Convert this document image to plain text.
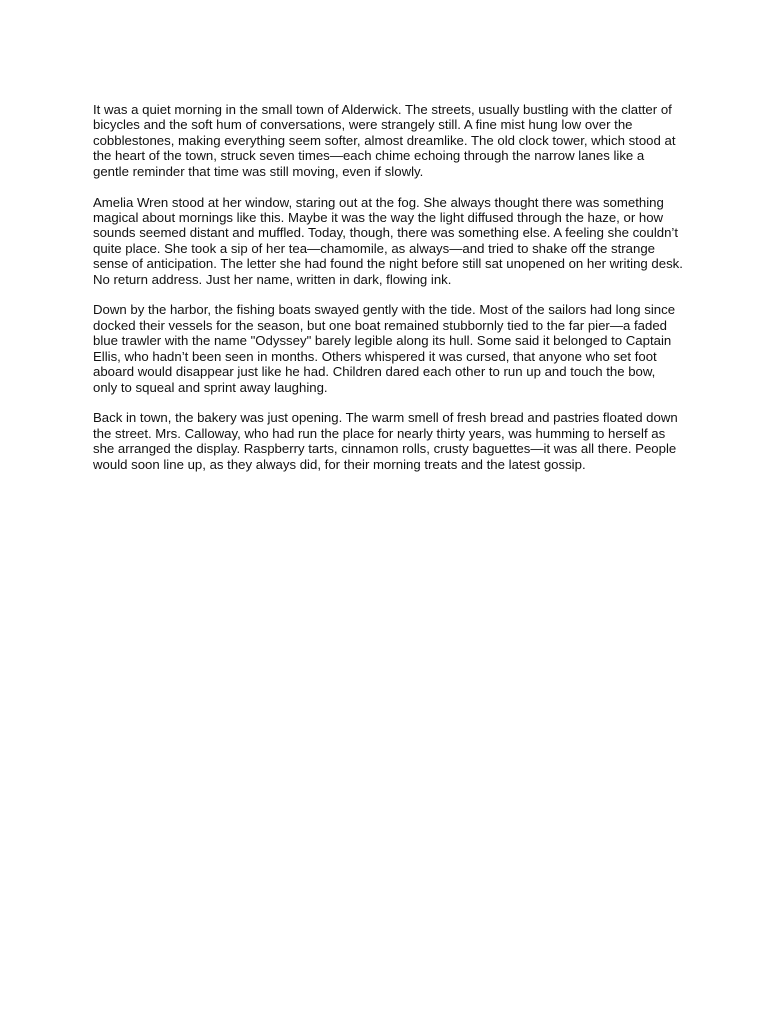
It was a quiet morning in the small town of Alderwick. The streets, usually bustling with the clatter of bicycles and the soft hum of conversations, were strangely still. A fine mist hung low over the cobblestones, making everything seem softer, almost dreamlike. The old clock tower, which stood at the heart of the town, struck seven times—each chime echoing through the narrow lanes like a gentle reminder that time was still moving, even if slowly.

Amelia Wren stood at her window, staring out at the fog. She always thought there was something magical about mornings like this. Maybe it was the way the light diffused through the haze, or how sounds seemed distant and muffled. Today, though, there was something else. A feeling she couldn’t quite place. She took a sip of her tea—chamomile, as always—and tried to shake off the strange sense of anticipation. The letter she had found the night before still sat unopened on her writing desk. No return address. Just her name, written in dark, flowing ink.

Down by the harbor, the fishing boats swayed gently with the tide. Most of the sailors had long since docked their vessels for the season, but one boat remained stubbornly tied to the far pier—a faded blue trawler with the name "Odyssey" barely legible along its hull. Some said it belonged to Captain Ellis, who hadn’t been seen in months. Others whispered it was cursed, that anyone who set foot aboard would disappear just like he had. Children dared each other to run up and touch the bow, only to squeal and sprint away laughing.

Back in town, the bakery was just opening. The warm smell of fresh bread and pastries floated down the street. Mrs. Calloway, who had run the place for nearly thirty years, was humming to herself as she arranged the display. Raspberry tarts, cinnamon rolls, crusty baguettes—it was all there. People would soon line up, as they always did, for their morning treats and the latest gossip.
